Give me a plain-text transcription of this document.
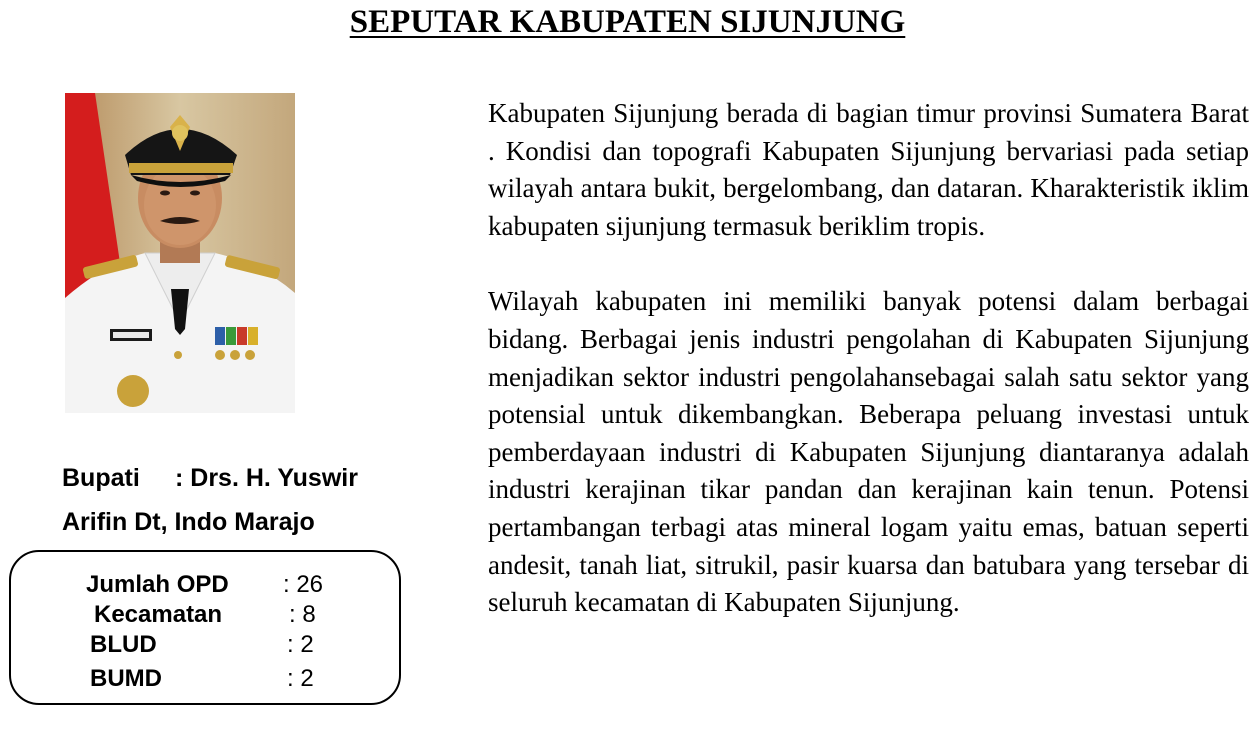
SEPUTAR KABUPATEN SIJUNJUNG
Bupati : Drs. H. Yuswir
Arifin Dt, Indo Marajo
Jumlah OPD : 26
Kecamatan	: 8
BLUD	: 2
BUMD	: 2

Kabupaten Sijunjung berada di bagian timur provinsi Sumatera Barat . Kondisi dan topografi Kabupaten Sijunjung bervariasi pada setiap wilayah antara bukit, bergelombang, dan dataran. Kharakteristik iklim kabupaten sijunjung termasuk beriklim tropis.

Wilayah kabupaten ini memiliki banyak potensi dalam berbagai bidang. Berbagai jenis industri pengolahan di Kabupaten Sijunjung menjadikan sektor industri pengolahansebagai salah satu sektor yang potensial untuk dikembangkan. Beberapa peluang investasi untuk pemberdayaan industri di Kabupaten Sijunjung diantaranya adalah industri kerajinan tikar pandan dan kerajinan kain tenun. Potensi pertambangan terbagi atas mineral logam yaitu emas, batuan seperti andesit, tanah liat, sitrukil, pasir kuarsa dan batubara yang tersebar di seluruh kecamatan di Kabupaten Sijunjung.
